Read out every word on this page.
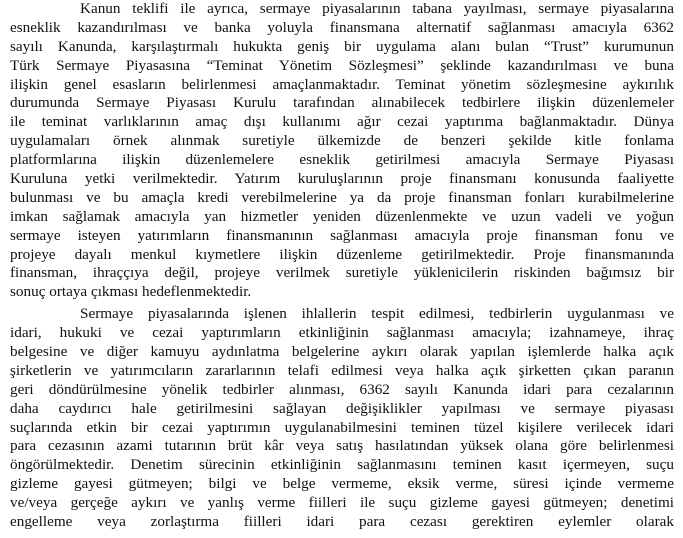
Kanun teklifi ile ayrıca, sermaye piyasalarının tabana yayılması, sermaye piyasalarına
esneklik kazandırılması ve banka yoluyla finansmana alternatif sağlanması amacıyla 6362
sayılı Kanunda, karşılaştırmalı hukukta geniş bir uygulama alanı bulan “Trust” kurumunun
Türk Sermaye Piyasasına “Teminat Yönetim Sözleşmesi” şeklinde kazandırılması ve buna
ilişkin genel esasların belirlenmesi amaçlanmaktadır. Teminat yönetim sözleşmesine aykırılık
durumunda Sermaye Piyasası Kurulu tarafından alınabilecek tedbirlere ilişkin düzenlemeler
ile teminat varlıklarının amaç dışı kullanımı ağır cezai yaptırıma bağlanmaktadır. Dünya
uygulamaları örnek alınmak suretiyle ülkemizde de benzeri şekilde kitle fonlama
platformlarına ilişkin düzenlemelere esneklik getirilmesi amacıyla Sermaye Piyasası
Kuruluna yetki verilmektedir. Yatırım kuruluşlarının proje finansmanı konusunda faaliyette
bulunması ve bu amaçla kredi verebilmelerine ya da proje finansman fonları kurabilmelerine
imkan sağlamak amacıyla yan hizmetler yeniden düzenlenmekte ve uzun vadeli ve yoğun
sermaye isteyen yatırımların finansmanının sağlanması amacıyla proje finansman fonu ve
projeye dayalı menkul kıymetlere ilişkin düzenleme getirilmektedir. Proje finansmanında
finansman, ihraççıya değil, projeye verilmek suretiyle yüklenicilerin riskinden bağımsız bir
sonuç ortaya çıkması hedeflenmektedir.

Sermaye piyasalarında işlenen ihlallerin tespit edilmesi, tedbirlerin uygulanması ve
idari, hukuki ve cezai yaptırımların etkinliğinin sağlanması amacıyla; izahnameye, ihraç
belgesine ve diğer kamuyu aydınlatma belgelerine aykırı olarak yapılan işlemlerde halka açık
şirketlerin ve yatırımcıların zararlarının telafi edilmesi veya halka açık şirketten çıkan paranın
geri döndürülmesine yönelik tedbirler alınması, 6362 sayılı Kanunda idari para cezalarının
daha caydırıcı hale getirilmesini sağlayan değişiklikler yapılması ve sermaye piyasası
suçlarında etkin bir cezai yaptırımın uygulanabilmesini teminen tüzel kişilere verilecek idari
para cezasının azami tutarının brüt kâr veya satış hasılatından yüksek olana göre belirlenmesi
öngörülmektedir. Denetim sürecinin etkinliğinin sağlanmasını teminen kasıt içermeyen, suçu
gizleme gayesi gütmeyen; bilgi ve belge vermeme, eksik verme, süresi içinde vermeme
ve/veya gerçeğe aykırı ve yanlış verme fiilleri ile suçu gizleme gayesi gütmeyen; denetimi
engelleme veya zorlaştırma fiilleri idari para cezası gerektiren eylemler olarak
